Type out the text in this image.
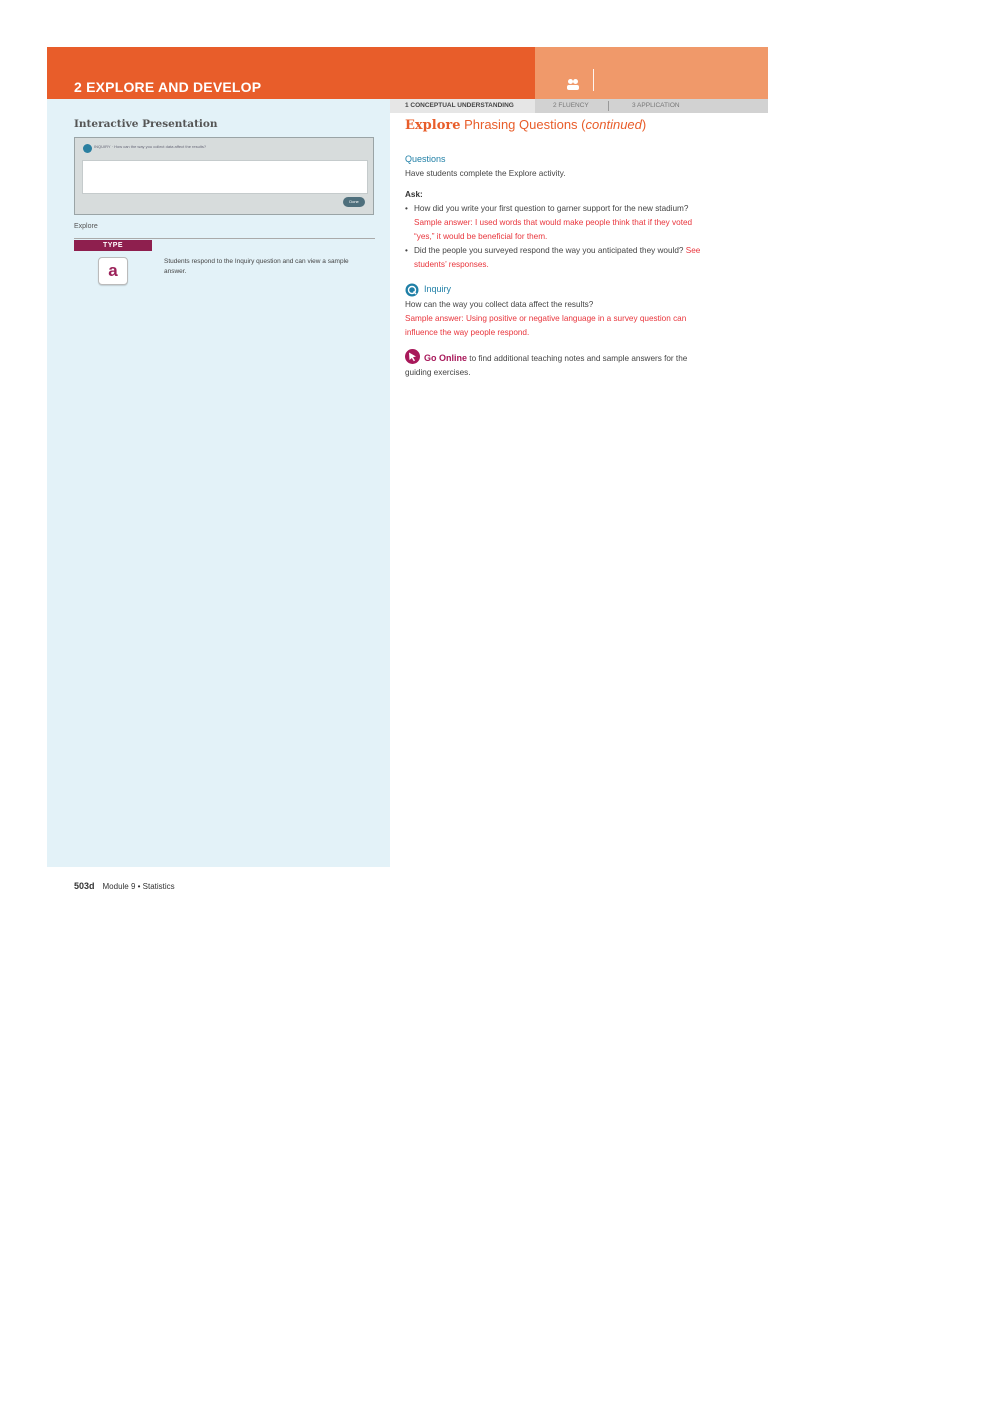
2 EXPLORE AND DEVELOP
Interactive Presentation
INQUIRY · How can the way you collect data affect the results?
Done
Explore
TYPE
a	Students respond to the Inquiry question and can view a sample answer.
1 CONCEPTUAL UNDERSTANDING	2 FLUENCY	3 APPLICATION
Explore Phrasing Questions (continued)
Questions
Have students complete the Explore activity.
Ask:
• How did you write your first question to garner support for the new stadium? Sample answer: I used words that would make people think that if they voted “yes,” it would be beneficial for them.
• Did the people you surveyed respond the way you anticipated they would? See students’ responses.
Inquiry
How can the way you collect data affect the results?
Sample answer: Using positive or negative language in a survey question can influence the way people respond.
Go Online to find additional teaching notes and sample answers for the guiding exercises.
503d Module 9 • Statistics
